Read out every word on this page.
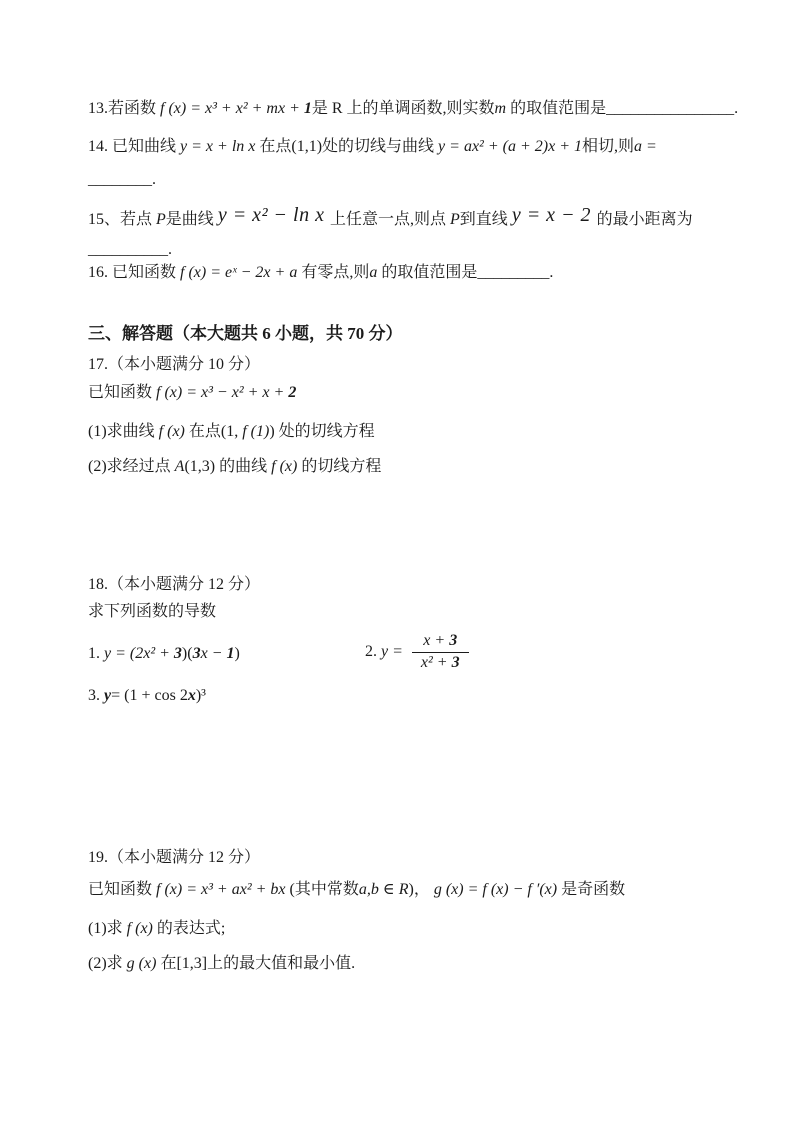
13.若函数 f (x) = x³ + x² + mx + 1是 R 上的单调函数,则实数m 的取值范围是________________.
14. 已知曲线 y = x + ln x 在点(1,1)处的切线与曲线 y = ax² + (a + 2)x + 1相切,则a =
________.
15、若点 P是曲线 y = x² − ln x 上任意一点,则点 P到直线 y = x − 2 的最小距离为
__________.
16. 已知函数 f (x) = eˣ − 2x + a 有零点,则a 的取值范围是_________.
三、解答题（本大题共 6 小题，共 70 分）
17.（本小题满分 10 分）
已知函数 f (x) = x³ − x² + x + 2
(1)求曲线 f (x) 在点(1, f (1)) 处的切线方程
(2)求经过点 A(1,3) 的曲线 f (x) 的切线方程
18.（本小题满分 12 分）
求下列函数的导数
1. y = (2x² + 3)(3x − 1)	2. $y = \frac{x + 3}{\text{x² + 3}}$
3. y= (1 + cos 2x)³
19.（本小题满分 12 分）
已知函数 f (x) = x³ + ax² + bx (其中常数a,b ∈ R)， g (x) = f (x) − f ′(x) 是奇函数
(1)求 f (x) 的表达式;
(2)求 g (x) 在[1,3]上的最大值和最小值.
